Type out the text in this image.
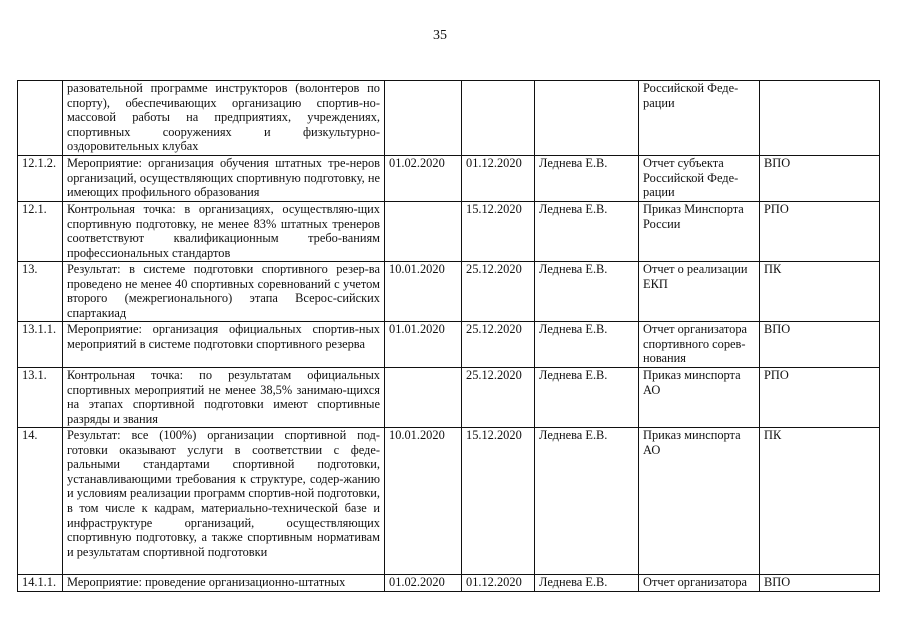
35
	разовательной программе инструкторов (волонтеров по спорту), обеспечивающих организацию спортив-но-массовой работы на предприятиях, учреждениях, спортивных сооружениях и физкультурно-оздоровительных клубах				Российской Феде-рации	
12.1.2.	Мероприятие: организация обучения штатных тре-неров организаций, осуществляющих спортивную подготовку, не имеющих профильного образования	01.02.2020	01.12.2020	Леднева Е.В.	Отчет субъекта Российской Феде-рации	ВПО
12.1.	Контрольная точка: в организациях, осуществляю-щих спортивную подготовку, не менее 83% штатных тренеров соответствуют квалификационным требо-ваниям профессиональных стандартов		15.12.2020	Леднева Е.В.	Приказ Минспорта России	РПО
13.	Результат: в системе подготовки спортивного резер-ва проведено не менее 40 спортивных соревнований с учетом второго (межрегионального) этапа Всерос-сийских спартакиад	10.01.2020	25.12.2020	Леднева Е.В.	Отчет о реализации ЕКП	ПК
13.1.1.	Мероприятие: организация официальных спортив-ных мероприятий в системе подготовки спортивного резерва	01.01.2020	25.12.2020	Леднева Е.В.	Отчет организатора спортивного сорев-нования	ВПО
13.1.	Контрольная точка: по результатам официальных спортивных мероприятий не менее 38,5% занимаю-щихся на этапах спортивной подготовки имеют спортивные разряды и звания		25.12.2020	Леднева Е.В.	Приказ минспорта АО	РПО
14.	Результат: все (100%) организации спортивной под-готовки оказывают услуги в соответствии с феде-ральными стандартами спортивной подготовки, устанавливающими требования к структуре, содер-жанию и условиям реализации программ спортив-ной подготовки, в том числе к кадрам, материально-технической базе и инфраструктуре организаций, осуществляющих спортивную подготовку, а также спортивным нормативам и результатам спортивной подготовки	10.01.2020	15.12.2020	Леднева Е.В.	Приказ минспорта АО	ПК
14.1.1.	Мероприятие: проведение организационно-штатных	01.02.2020	01.12.2020	Леднева Е.В.	Отчет организатора	ВПО
